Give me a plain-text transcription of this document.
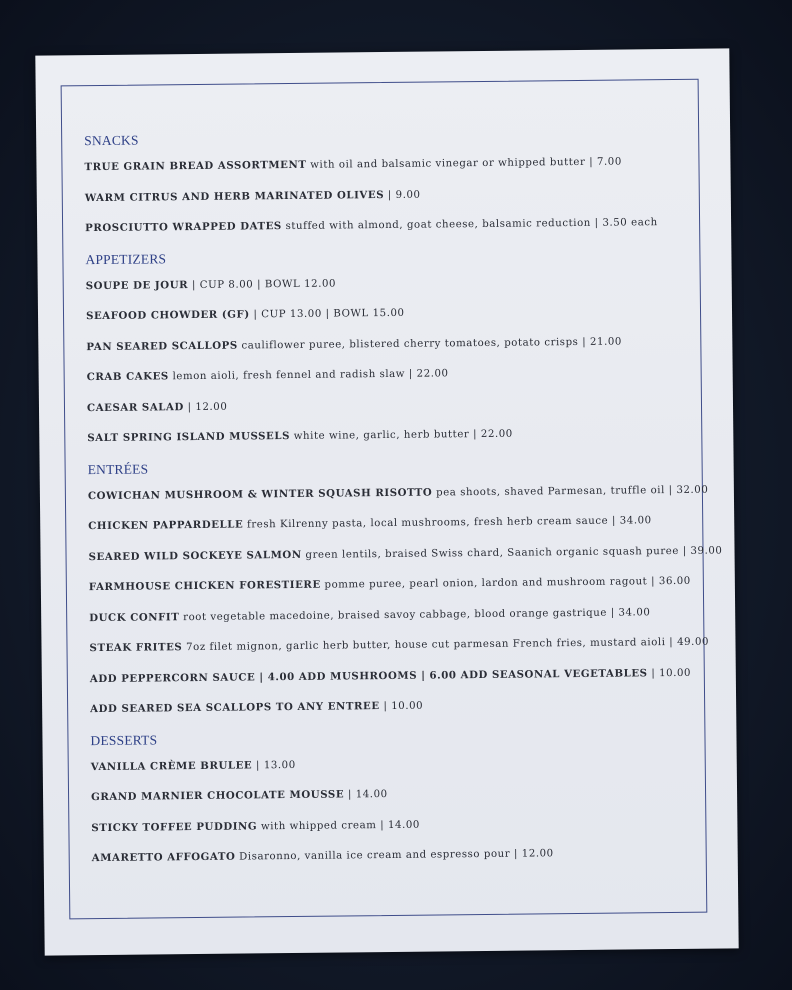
SNACKS
TRUE GRAIN BREAD ASSORTMENT with oil and balsamic vinegar or whipped butter | 7.00
WARM CITRUS AND HERB MARINATED OLIVES | 9.00
PROSCIUTTO WRAPPED DATES stuffed with almond, goat cheese, balsamic reduction | 3.50 each
APPETIZERS
SOUPE DE JOUR | CUP 8.00 | BOWL 12.00
SEAFOOD CHOWDER (GF) | CUP 13.00 | BOWL 15.00
PAN SEARED SCALLOPS cauliflower puree, blistered cherry tomatoes, potato crisps | 21.00
CRAB CAKES lemon aioli, fresh fennel and radish slaw | 22.00
CAESAR SALAD | 12.00
SALT SPRING ISLAND MUSSELS white wine, garlic, herb butter | 22.00
ENTRÉES
COWICHAN MUSHROOM & WINTER SQUASH RISOTTO pea shoots, shaved Parmesan, truffle oil | 32.00
CHICKEN PAPPARDELLE fresh Kilrenny pasta, local mushrooms, fresh herb cream sauce | 34.00
SEARED WILD SOCKEYE SALMON green lentils, braised Swiss chard, Saanich organic squash puree | 39.00
FARMHOUSE CHICKEN FORESTIERE pomme puree, pearl onion, lardon and mushroom ragout | 36.00
DUCK CONFIT root vegetable macedoine, braised savoy cabbage, blood orange gastrique | 34.00
STEAK FRITES 7oz filet mignon, garlic herb butter, house cut parmesan French fries, mustard aioli | 49.00
ADD PEPPERCORN SAUCE | 4.00 ADD MUSHROOMS | 6.00 ADD SEASONAL VEGETABLES | 10.00
ADD SEARED SEA SCALLOPS TO ANY ENTREE | 10.00
DESSERTS
VANILLA CRÈME BRULEE | 13.00
GRAND MARNIER CHOCOLATE MOUSSE | 14.00
STICKY TOFFEE PUDDING with whipped cream | 14.00
AMARETTO AFFOGATO Disaronno, vanilla ice cream and espresso pour | 12.00
